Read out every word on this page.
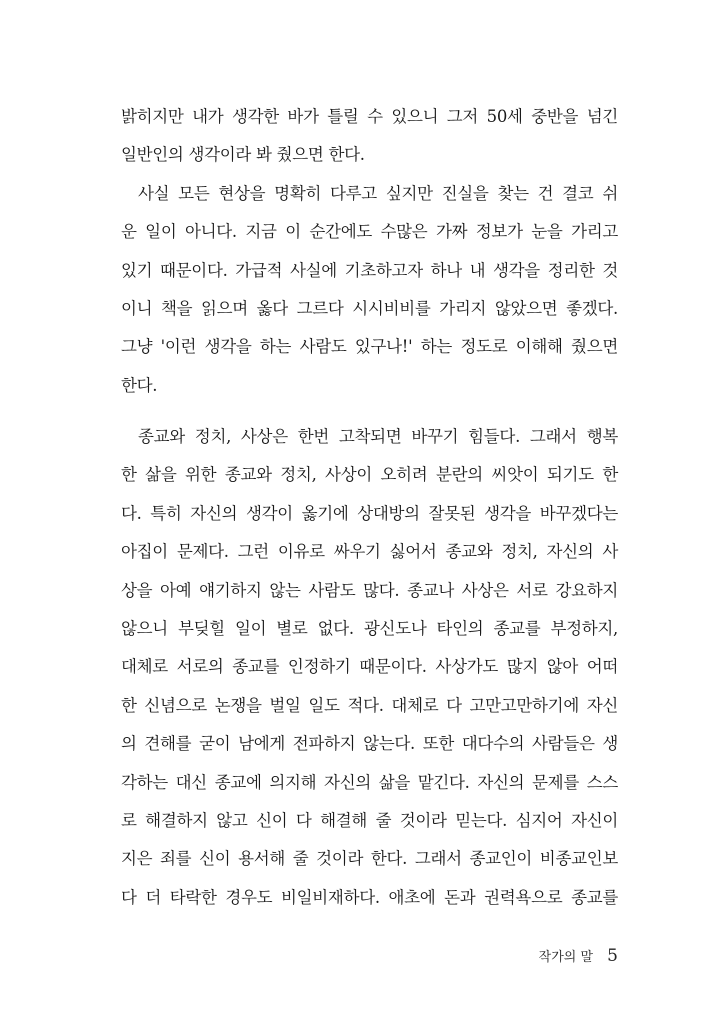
밝히지만 내가 생각한 바가 틀릴 수 있으니 그저 50세 중반을 넘긴
일반인의 생각이라 봐 줬으면 한다.
사실 모든 현상을 명확히 다루고 싶지만 진실을 찾는 건 결코 쉬
운 일이 아니다. 지금 이 순간에도 수많은 가짜 정보가 눈을 가리고
있기 때문이다. 가급적 사실에 기초하고자 하나 내 생각을 정리한 것
이니 책을 읽으며 옳다 그르다 시시비비를 가리지 않았으면 좋겠다.
그냥 '이런 생각을 하는 사람도 있구나!' 하는 정도로 이해해 줬으면
한다.
종교와 정치, 사상은 한번 고착되면 바꾸기 힘들다. 그래서 행복
한 삶을 위한 종교와 정치, 사상이 오히려 분란의 씨앗이 되기도 한
다. 특히 자신의 생각이 옳기에 상대방의 잘못된 생각을 바꾸겠다는
아집이 문제다. 그런 이유로 싸우기 싫어서 종교와 정치, 자신의 사
상을 아예 얘기하지 않는 사람도 많다. 종교나 사상은 서로 강요하지
않으니 부딪힐 일이 별로 없다. 광신도나 타인의 종교를 부정하지,
대체로 서로의 종교를 인정하기 때문이다. 사상가도 많지 않아 어떠
한 신념으로 논쟁을 벌일 일도 적다. 대체로 다 고만고만하기에 자신
의 견해를 굳이 남에게 전파하지 않는다. 또한 대다수의 사람들은 생
각하는 대신 종교에 의지해 자신의 삶을 맡긴다. 자신의 문제를 스스
로 해결하지 않고 신이 다 해결해 줄 것이라 믿는다. 심지어 자신이
지은 죄를 신이 용서해 줄 것이라 한다. 그래서 종교인이 비종교인보
다 더 타락한 경우도 비일비재하다. 애초에 돈과 권력욕으로 종교를
작가의 말 5
